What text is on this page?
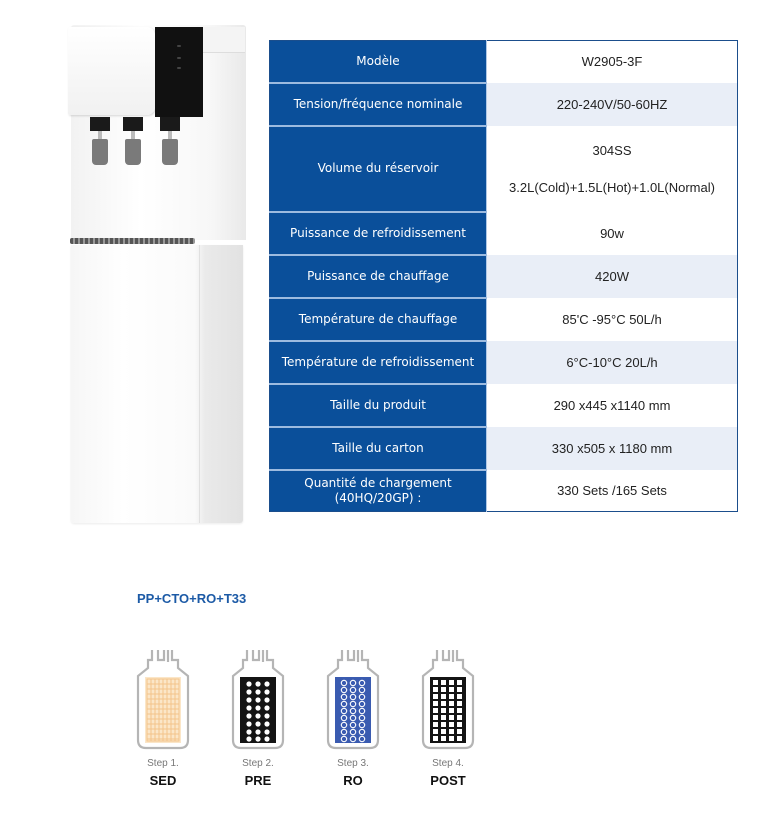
Modèle	W2905-3F

Tension/fréquence nominale	220-240V/50-60HZ

Volume du réservoir	304SS
3.2L(Cold)+1.5L(Hot)+1.0L(Normal)

Puissance de refroidissement	90w

Puissance de chauffage	420W

Température de chauffage	85'C -95°C 50L/h

Température de refroidissement	6°C-10°C 20L/h

Taille du produit	290 x445 x1140 mm

Taille du carton	330 x505 x 1180 mm

Quantité de chargement (40HQ/20GP) :	330 Sets /165 Sets
PP+CTO+RO+T33
Step 1.
SED
Step 2.
PRE
Step 3.
RO
Step 4.
POST
